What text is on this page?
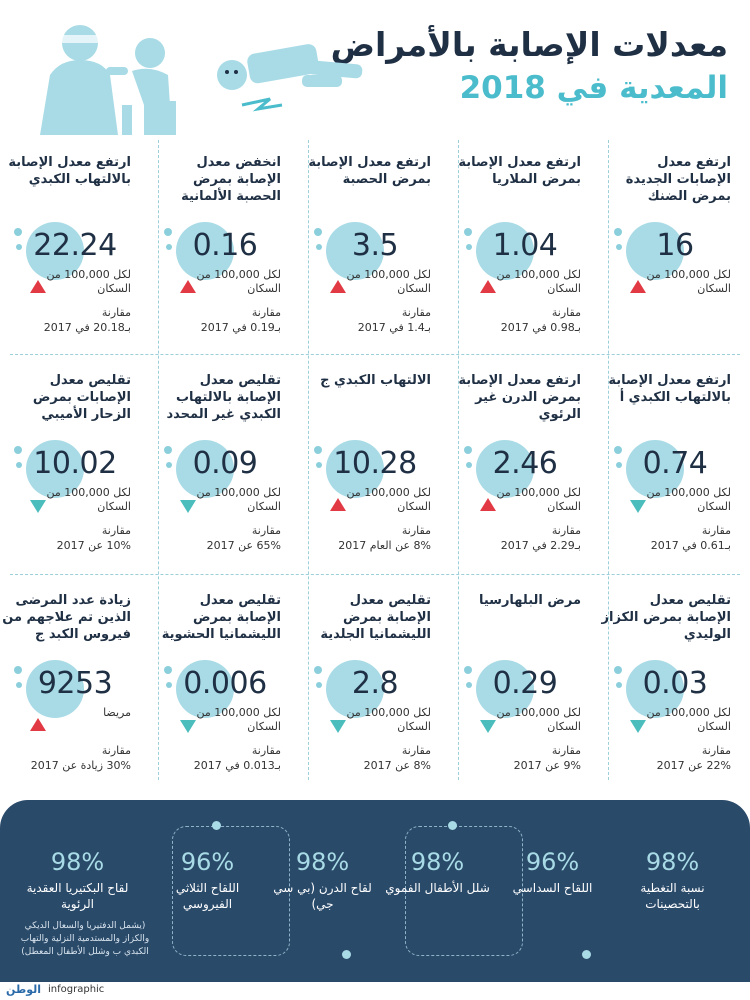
معدلات الإصابة بالأمراض
المعدية في 2018
ارتفع معدل الإصابات الجديدة بمرض الضنك
16
لكل 100,000 من السكان
ارتفع معدل الإصابة بمرض الملاريا
1.04
لكل 100,000 من السكان
مقارنة
بـ0.98 في 2017
ارتفع معدل الإصابة بمرض الحصبة
3.5
لكل 100,000 من السكان
مقارنة
بـ1.4 في 2017
انخفض معدل الإصابة بمرض الحصبة الألمانية
0.16
لكل 100,000 من السكان
مقارنة
بـ0.19 في 2017
ارتفع معدل الإصابة بالالتهاب الكبدي
22.24
لكل 100,000 من السكان
مقارنة
بـ20.18 في 2017
ارتفع معدل الإصابة بالالتهاب الكبدي أ
0.74
لكل 100,000 من السكان
مقارنة
بـ0.61 في 2017
ارتفع معدل الإصابة بمرض الدرن غير الرئوي
2.46
لكل 100,000 من السكان
مقارنة
بـ2.29 في 2017
الالتهاب الكبدي ج
10.28
لكل 100,000 من السكان
مقارنة
8% عن العام 2017
تقليص معدل الإصابة بالالتهاب الكبدي غير المحدد
0.09
لكل 100,000 من السكان
مقارنة
65% عن 2017
تقليص معدل الإصابات بمرض الزحار الأميبي
10.02
لكل 100,000 من السكان
مقارنة
10% عن 2017
تقليص معدل الإصابة بمرض الكزاز الوليدي
0.03
لكل 100,000 من السكان
مقارنة
22% عن 2017
مرض البلهارسيا
0.29
لكل 100,000 من السكان
مقارنة
9% عن 2017
تقليص معدل الإصابة بمرض الليشمانيا الجلدية
2.8
لكل 100,000 من السكان
مقارنة
8% عن 2017
تقليص معدل الإصابة بمرض الليشمانيا الحشوية
0.006
لكل 100,000 من السكان
مقارنة
بـ0.013 في 2017
زيادة عدد المرضى الذين تم علاجهم من فيروس الكبد ج
9253
مريضا
مقارنة
30% زيادة عن 2017
98%
نسبة التغطية بالتحصينات
96%
اللقاح السداسي
98%
شلل الأطفال الفموي
98%
لقاح الدرن (بي سي جي)
96%
اللقاح الثلاثي الفيروسي
98%
لقاح البكتيريا العقدية الرئوية
(يشمل الدفتيريا والسعال الديكي والكزاز والمستدمية النزلية والتهاب الكبدي ب وشلل الأطفال المعطل)
الوطن infographic
